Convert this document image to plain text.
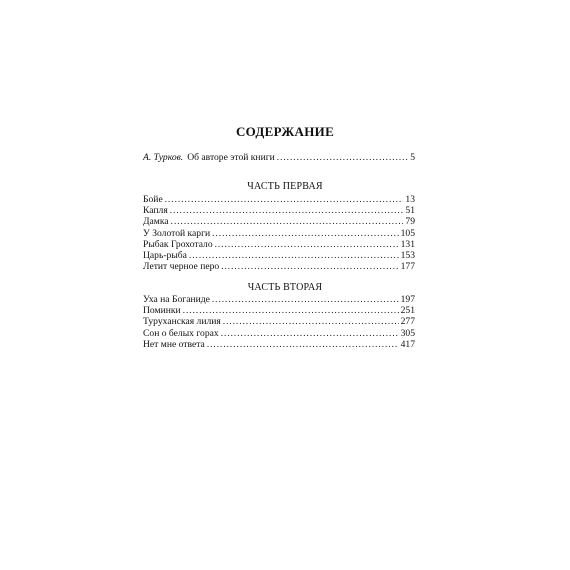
СОДЕРЖАНИЕ
А. Турков. Об авторе этой книги . . .	5
ЧАСТЬ ПЕРВАЯ
Бойе . . .	13
Капля . . .	51
Дамка . . .	79
У Золотой карги . . .	105
Рыбак Грохотало . . .	131
Царь-рыба . . .	153
Летит черное перо . . .	177
ЧАСТЬ ВТОРАЯ
Уха на Боганиде . . .	197
Поминки . . .	251
Туруханская лилия . . .	277
Сон о белых горах . . .	305
Нет мне ответа . . .	417
